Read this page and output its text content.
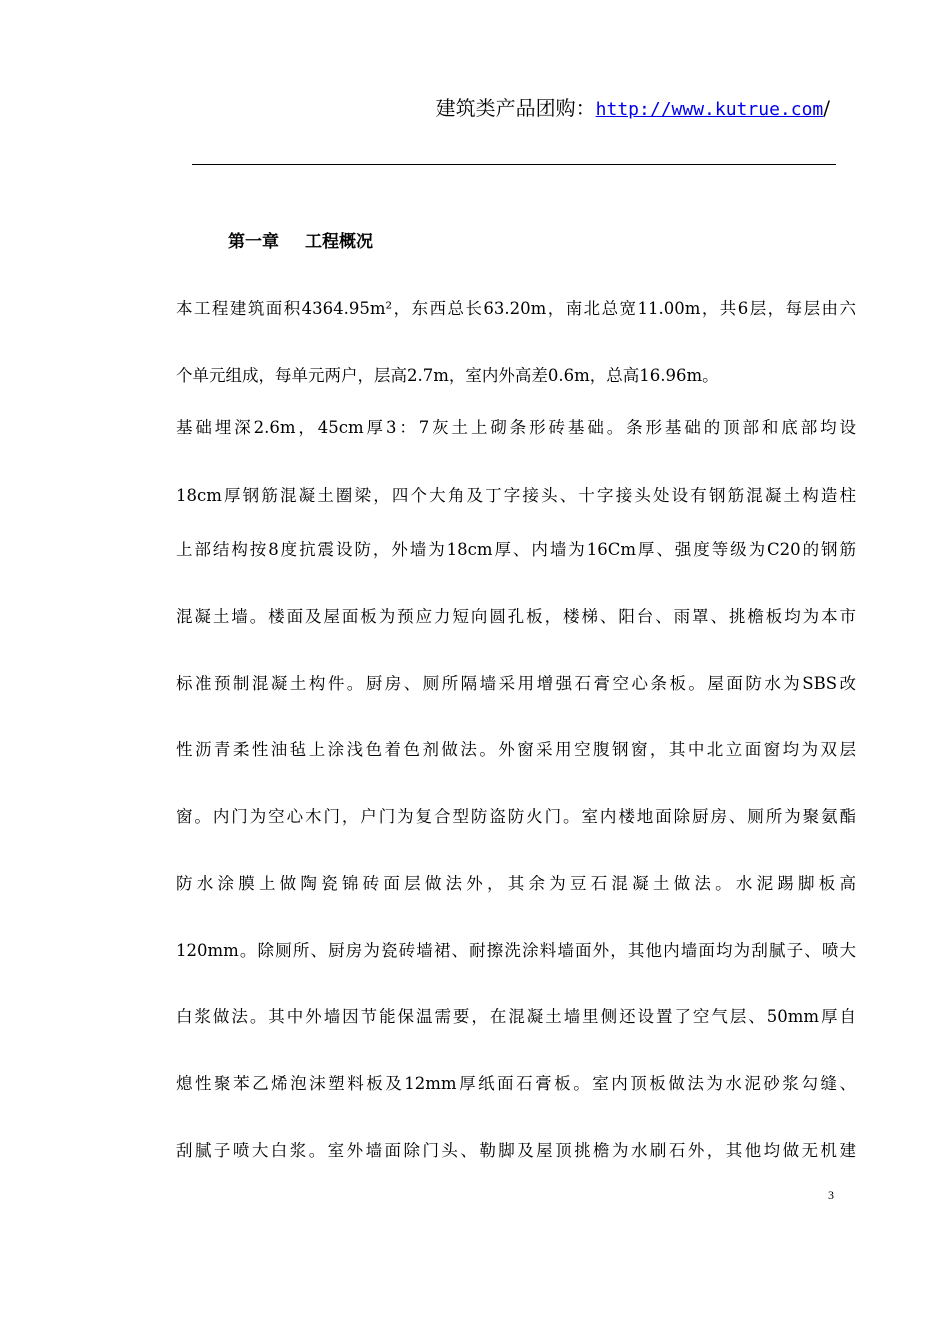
建筑类产品团购：http://www.kutrue.com/
第一章 工程概况
本工程建筑面积4364.95m²，东西总长63.20m，南北总宽11.00m，共6层，每层由六
个单元组成，每单元两户，层高2.7m，室内外高差0.6m，总高16.96m。
基础埋深2.6m，45cm厚3：7灰土上砌条形砖基础。条形基础的顶部和底部均设
18cm厚钢筋混凝土圈梁，四个大角及丁字接头、十字接头处设有钢筋混凝土构造柱
上部结构按8度抗震设防，外墙为18cm厚、内墙为16Cm厚、强度等级为C20的钢筋
混凝土墙。楼面及屋面板为预应力短向圆孔板，楼梯、阳台、雨罩、挑檐板均为本市
标准预制混凝土构件。厨房、厕所隔墙采用增强石膏空心条板。屋面防水为SBS改
性沥青柔性油毡上涂浅色着色剂做法。外窗采用空腹钢窗，其中北立面窗均为双层
窗。内门为空心木门，户门为复合型防盗防火门。室内楼地面除厨房、厕所为聚氨酯
防水涂膜上做陶瓷锦砖面层做法外，其余为豆石混凝土做法。水泥踢脚板高
120mm。除厕所、厨房为瓷砖墙裙、耐擦洗涂料墙面外，其他内墙面均为刮腻子、喷大
白浆做法。其中外墙因节能保温需要，在混凝土墙里侧还设置了空气层、50mm厚自
熄性聚苯乙烯泡沫塑料板及12mm厚纸面石膏板。室内顶板做法为水泥砂浆勾缝、
刮腻子喷大白浆。室外墙面除门头、勒脚及屋顶挑檐为水刷石外，其他均做无机建
3
